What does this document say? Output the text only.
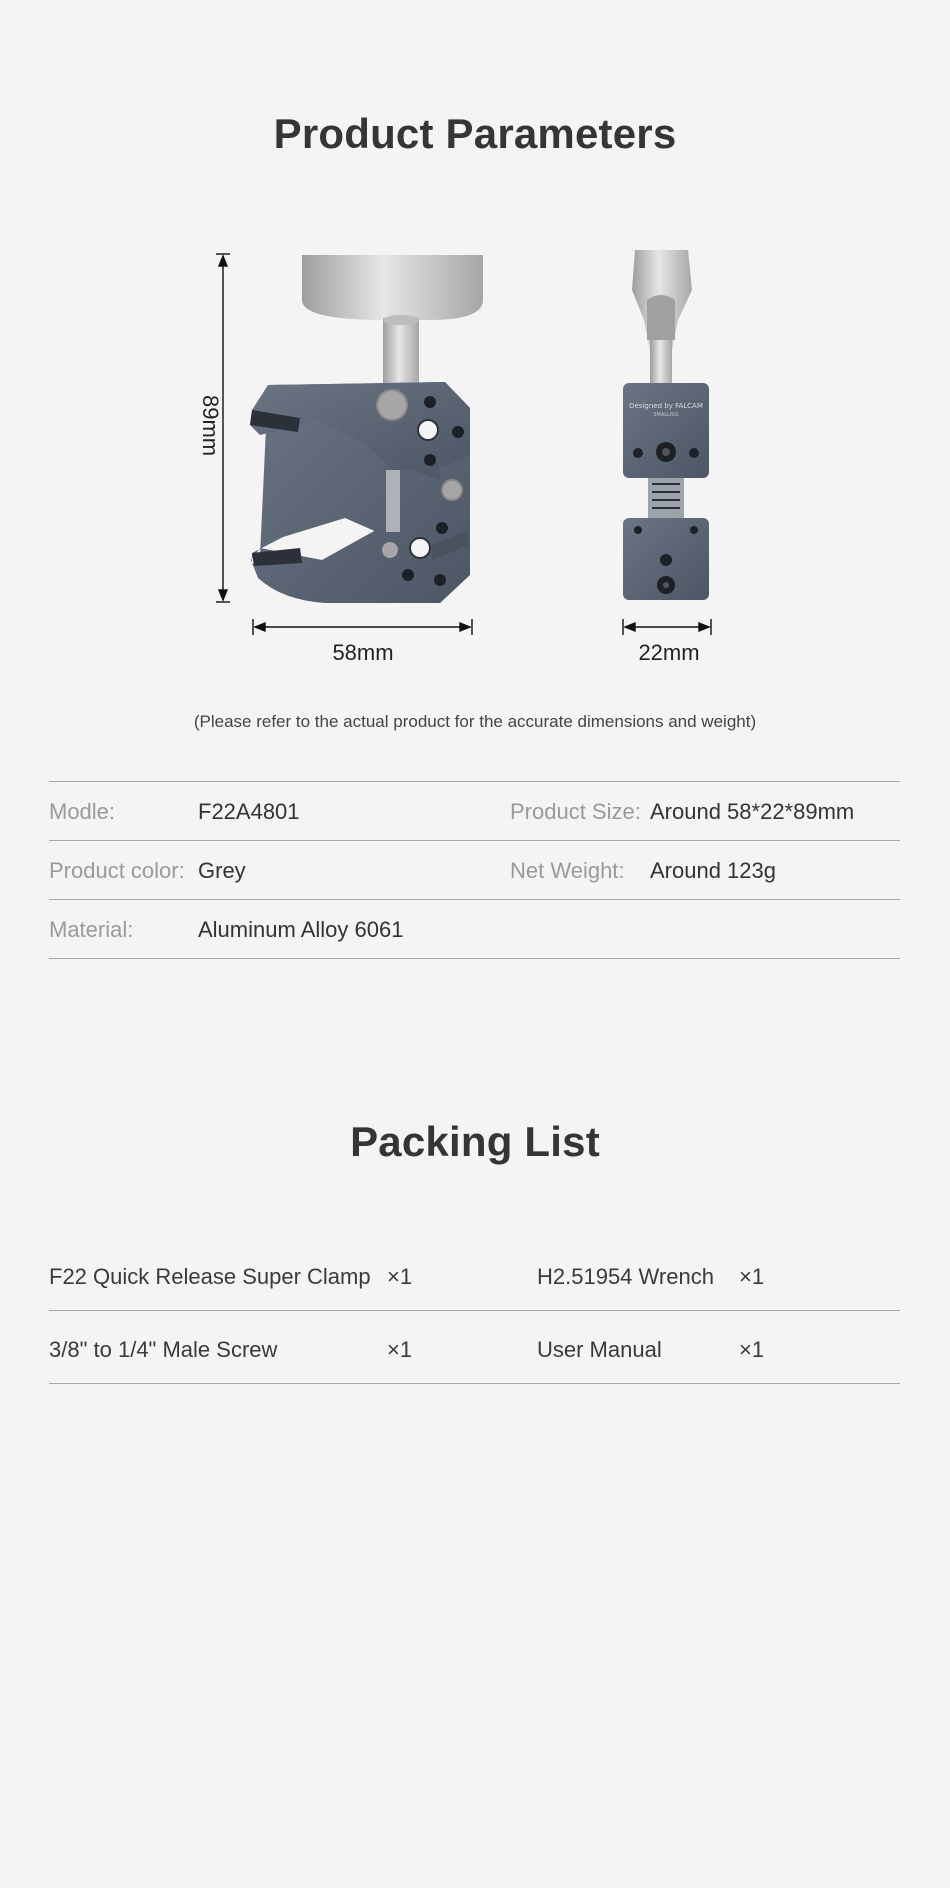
Product Parameters
Designed by FALCAM
SMALLRIG
89mm
58mm	22mm
(Please refer to the actual product for the accurate dimensions and weight)
Modle:	F22A4801	Product Size: Around 58*22*89mm
Product color: Grey	Net Weight: Around 123g
Material:	Aluminum Alloy 6061
Packing List
F22 Quick Release Super Clamp ×1	H2.51954 Wrench ×1
3/8" to 1/4" Male Screw	×1	User Manual	×1
